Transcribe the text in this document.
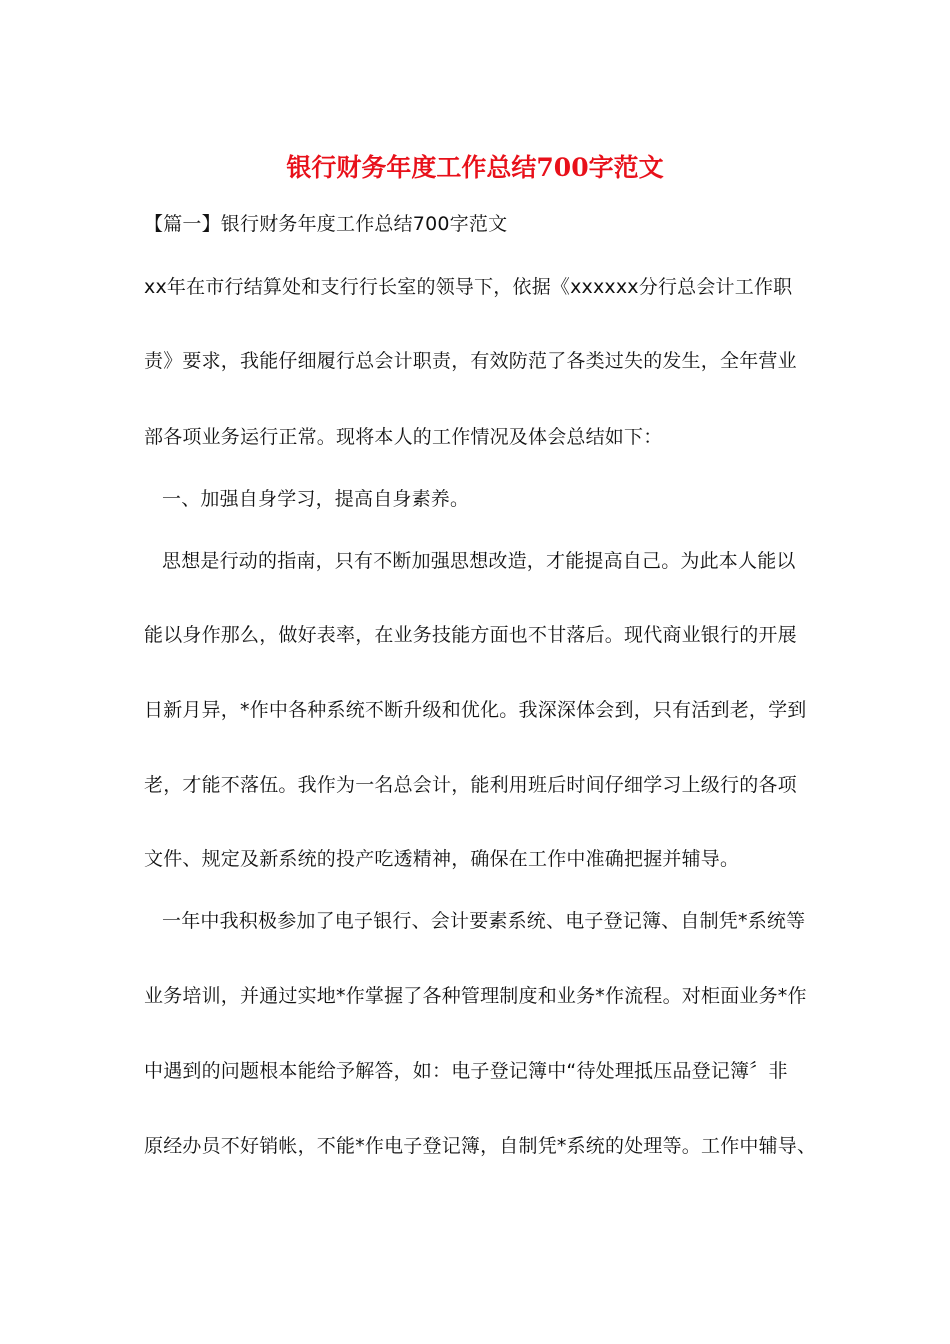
银行财务年度工作总结700字范文
【篇一】银行财务年度工作总结700字范文
xx年在市行结算处和支行行长室的领导下，依据《xxxxxx分行总会计工作职
责》要求，我能仔细履行总会计职责，有效防范了各类过失的发生，全年营业
部各项业务运行正常。现将本人的工作情况及体会总结如下：
一、加强自身学习，提高自身素养。
思想是行动的指南，只有不断加强思想改造，才能提高自己。为此本人能以
能以身作那么，做好表率，在业务技能方面也不甘落后。现代商业银行的开展
日新月异，*作中各种系统不断升级和优化。我深深体会到，只有活到老，学到
老，才能不落伍。我作为一名总会计，能利用班后时间仔细学习上级行的各项
文件、规定及新系统的投产吃透精神，确保在工作中准确把握并辅导。
一年中我积极参加了电子银行、会计要素系统、电子登记簿、自制凭*系统等
业务培训，并通过实地*作掌握了各种管理制度和业务*作流程。对柜面业务*作
中遇到的问题根本能给予解答，如：电子登记簿中“待处理抵压品登记簿〞非
原经办员不好销帐，不能*作电子登记簿，自制凭*系统的处理等。工作中辅导、
